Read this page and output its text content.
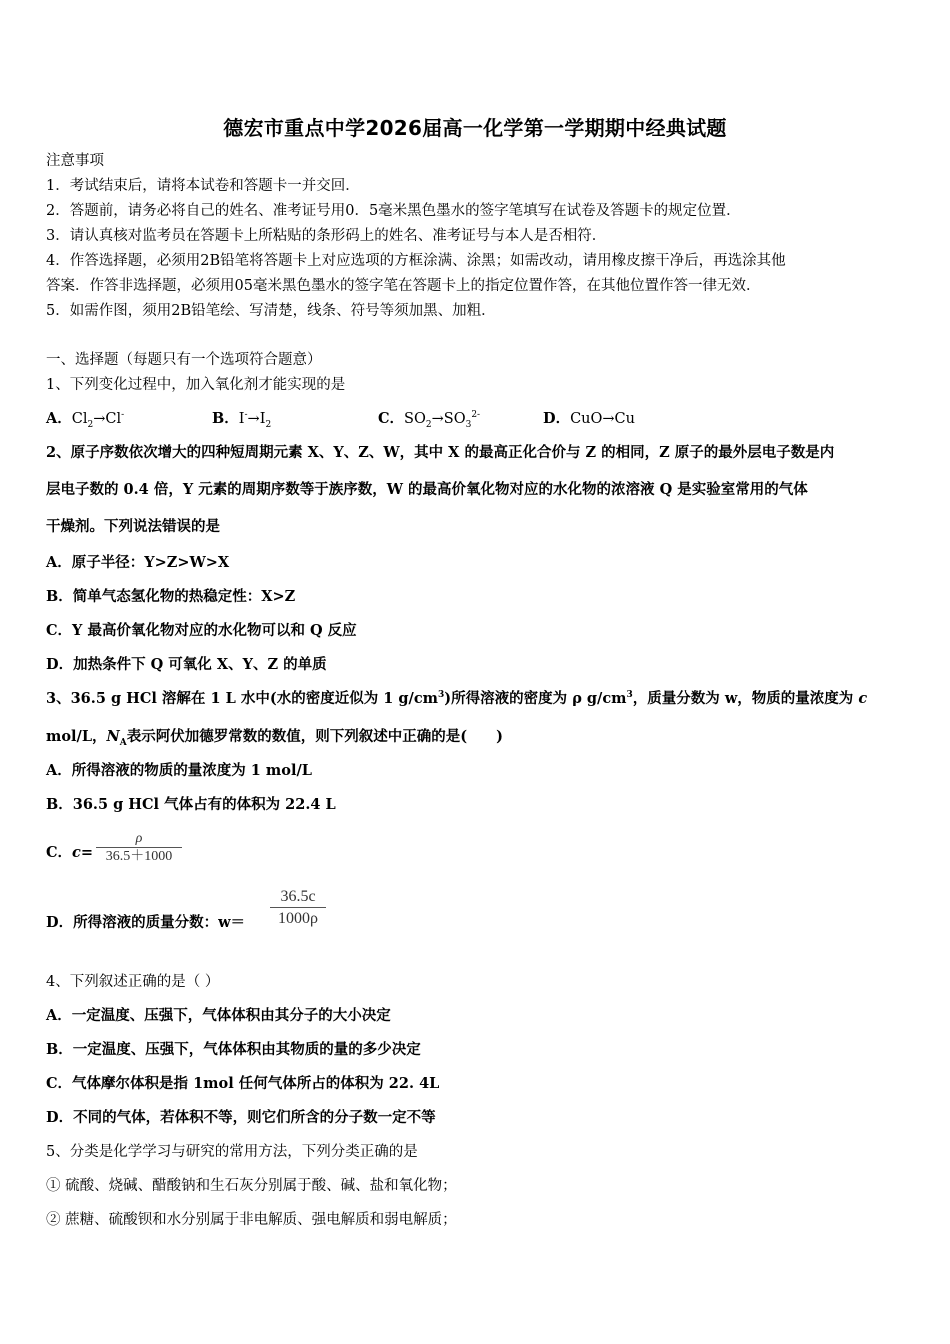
德宏市重点中学2026届高一化学第一学期期中经典试题
注意事项
1．考试结束后，请将本试卷和答题卡一并交回．
2．答题前，请务必将自己的姓名、准考证号用0．5毫米黑色墨水的签字笔填写在试卷及答题卡的规定位置．
3．请认真核对监考员在答题卡上所粘贴的条形码上的姓名、准考证号与本人是否相符．
4．作答选择题，必须用2B铅笔将答题卡上对应选项的方框涂满、涂黑；如需改动，请用橡皮擦干净后，再选涂其他
答案．作答非选择题，必须用05毫米黑色墨水的签字笔在答题卡上的指定位置作答，在其他位置作答一律无效．
5．如需作图，须用2B铅笔绘、写清楚，线条、符号等须加黑、加粗．
一、选择题（每题只有一个选项符合题意）
1、下列变化过程中，加入氧化剂才能实现的是
A．$Cl_2\to Cl^-$	B．$I^-\to I_2$	C．$SO_2\to SO_3^{2-}$	D．CuO→Cu
2、原子序数依次增大的四种短周期元素 X、Y、Z、W，其中 X 的最高正化合价与 Z 的相同，Z 原子的最外层电子数是内
层电子数的 0.4 倍，Y 元素的周期序数等于族序数，W 的最高价氧化物对应的水化物的浓溶液 Q 是实验室常用的气体
干燥剂。下列说法错误的是
A．原子半径：Y>Z>W>X
B．简单气态氢化物的热稳定性：X>Z
C．Y 最高价氧化物对应的水化物可以和 Q 反应
D．加热条件下 Q 可氧化 X、Y、Z 的单质
3、36.5 g HCl 溶解在 1 L 水中(水的密度近似为 1 $g/cm^3$)所得溶液的密度为 ρ $g/cm^3$，质量分数为 w，物质的量浓度为 c
mol/L，$N_A$表示阿伏加德罗常数的数值，则下列叙述中正确的是(　　)
A．所得溶液的物质的量浓度为 1 mol/L
B．36.5 g HCl 气体占有的体积为 22.4 L
C．c=
ρ
36.5＋1000
D．所得溶液的质量分数：w＝
36.5c
1000ρ
4、下列叙述正确的是（ ）
A．一定温度、压强下，气体体积由其分子的大小决定
B．一定温度、压强下，气体体积由其物质的量的多少决定
C．气体摩尔体积是指 1mol 任何气体所占的体积为 22. 4L
D．不同的气体，若体积不等，则它们所含的分子数一定不等
5、分类是化学学习与研究的常用方法，下列分类正确的是
① 硫酸、烧碱、醋酸钠和生石灰分别属于酸、碱、盐和氧化物；
② 蔗糖、硫酸钡和水分别属于非电解质、强电解质和弱电解质；
